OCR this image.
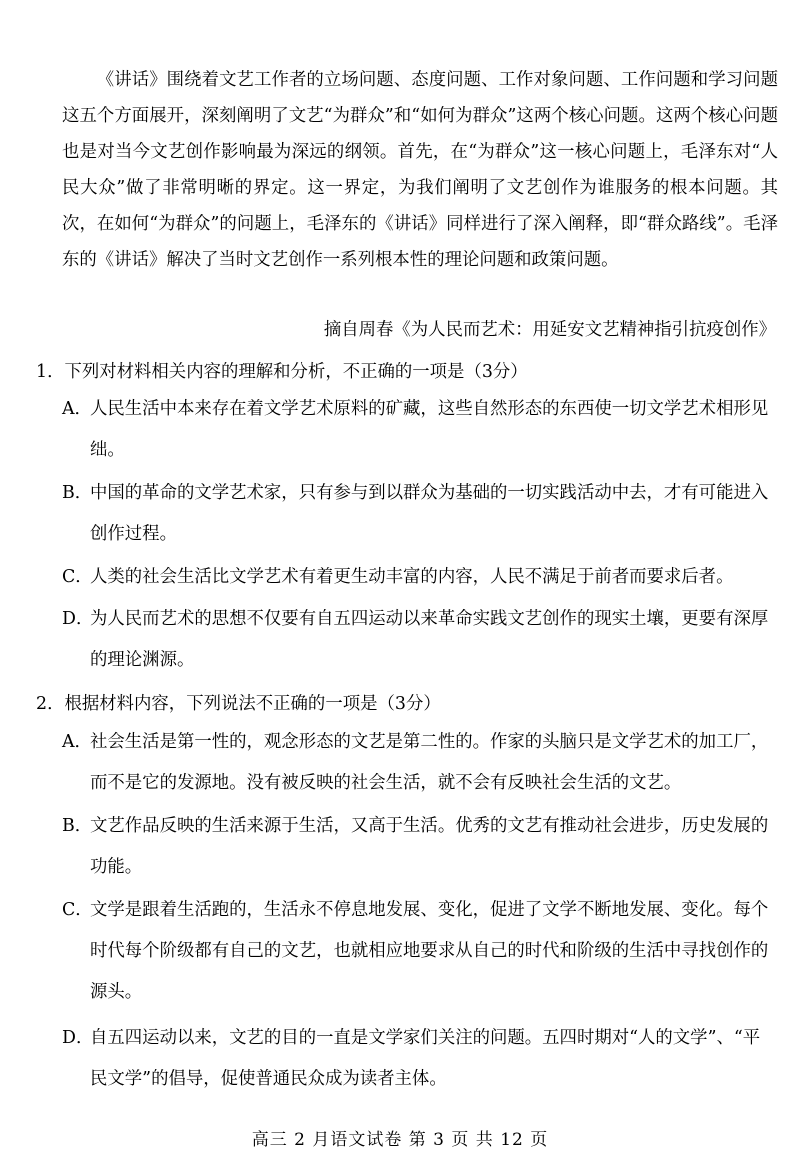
《讲话》围绕着文艺工作者的立场问题、态度问题、工作对象问题、工作问题和学习问题这五个方面展开，深刻阐明了文艺“为群众”和“如何为群众”这两个核心问题。这两个核心问题也是对当今文艺创作影响最为深远的纲领。首先，在“为群众”这一核心问题上，毛泽东对“人民大众”做了非常明晰的界定。这一界定，为我们阐明了文艺创作为谁服务的根本问题。其次，在如何“为群众”的问题上，毛泽东的《讲话》同样进行了深入阐释，即“群众路线”。毛泽东的《讲话》解决了当时文艺创作一系列根本性的理论问题和政策问题。

摘自周春《为人民而艺术：用延安文艺精神指引抗疫创作》
1．下列对材料相关内容的理解和分析，不正确的一项是（3分）
A．
人民生活中本来存在着文学艺术原料的矿藏，这些自然形态的东西使一切文学艺术相形见绌。
B．
中国的革命的文学艺术家，只有参与到以群众为基础的一切实践活动中去，才有可能进入创作过程。
C．
人类的社会生活比文学艺术有着更生动丰富的内容，人民不满足于前者而要求后者。
D．
为人民而艺术的思想不仅要有自五四运动以来革命实践文艺创作的现实土壤，更要有深厚的理论渊源。
2．根据材料内容，下列说法不正确的一项是（3分）
A．
社会生活是第一性的，观念形态的文艺是第二性的。作家的头脑只是文学艺术的加工厂，而不是它的发源地。没有被反映的社会生活，就不会有反映社会生活的文艺。
B．
文艺作品反映的生活来源于生活，又高于生活。优秀的文艺有推动社会进步，历史发展的功能。
C．
文学是跟着生活跑的，生活永不停息地发展、变化，促进了文学不断地发展、变化。每个时代每个阶级都有自己的文艺，也就相应地要求从自己的时代和阶级的生活中寻找创作的源头。
D．
自五四运动以来，文艺的目的一直是文学家们关注的问题。五四时期对“人的文学”、“平民文学”的倡导，促使普通民众成为读者主体。
高三 2 月语文试卷 第 3 页 共 12 页
